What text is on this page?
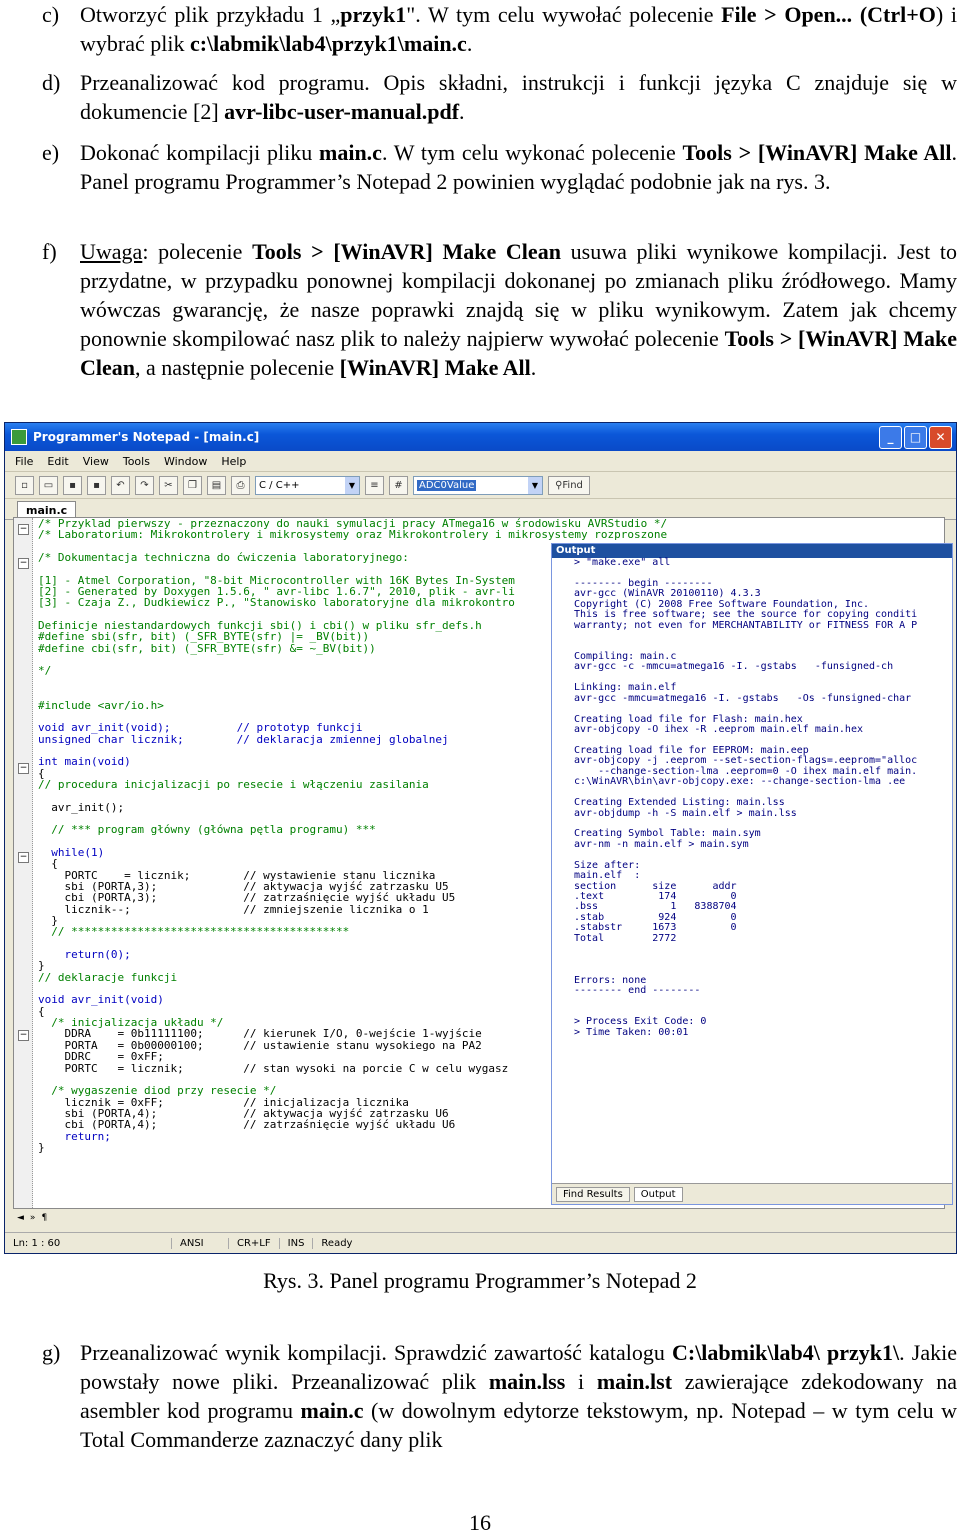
c) Otworzyć plik przykładu 1 „przyk1". W tym celu wywołać polecenie File > Open... (Ctrl+O) i wybrać plik c:\labmik\lab4\przyk1\main.c.
d) Przeanalizować kod programu. Opis składni, instrukcji i funkcji języka C znajduje się w dokumencie [2] avr-libc-user-manual.pdf.
e) Dokonać kompilacji pliku main.c. W tym celu wykonać polecenie Tools > [WinAVR] Make All. Panel programu Programmer’s Notepad 2 powinien wyglądać podobnie jak na rys. 3.
f) Uwaga: polecenie Tools > [WinAVR] Make Clean usuwa pliki wynikowe kompilacji. Jest to przydatne, w przypadku ponownej kompilacji dokonanej po zmianach pliku źródłowego. Mamy wówczas gwarancję, że nasze poprawki znajdą się w pliku wynikowym. Zatem jak chcemy ponownie skompilować nasz plik to należy najpierw wywołać polecenie Tools > [WinAVR] Make Clean, a następnie polecenie [WinAVR] Make All.
Programmer's Notepad - [main.c]	_	□	✕
File Edit View Tools Window Help
▫	▭	▪	▪	↶	↷	✂	❐	▤	⎙	C / C++	▼	≡	#	ADC0Value	▼	⚲ Find
main.c
−
−
−
−
−
/* Przyklad pierwszy - przeznaczony do nauki symulacji pracy ATmega16 w środowisku AVRStudio */
/* Laboratorium: Mikrokontrolery i mikrosystemy oraz Mikrokontrolery i mikrosystemy rozproszone
/* Dokumentacja techniczna do ćwiczenia laboratoryjnego:
[1] - Atmel Corporation, "8-bit Microcontroller with 16K Bytes In-System
[2] - Generated by Doxygen 1.5.6, " avr-libc 1.6.7", 2010, plik - avr-li
[3] - Czaja Z., Dudkiewicz P., "Stanowisko laboratoryjne dla mikrokontro
Definicje niestandardowych funkcji sbi() i cbi() w pliku sfr_defs.h
#define sbi(sfr, bit) (_SFR_BYTE(sfr) |= _BV(bit))
#define cbi(sfr, bit) (_SFR_BYTE(sfr) &= ~_BV(bit))
*/
#include <avr/io.h>
void avr_init(void);          // prototyp funkcji
unsigned char licznik;        // deklaracja zmiennej globalnej
int main(void)
{
// procedura inicjalizacji po resecie i włączeniu zasilania
avr_init();
// *** program główny (główna pętla programu) ***
while(1)
{
PORTC    = licznik;        // wystawienie stanu licznika
sbi (PORTA,3);             // aktywacja wyjść zatrzasku U5
cbi (PORTA,3);             // zatrzaśnięcie wyjść układu U5
licznik--;                 // zmniejszenie licznika o 1
}
// ******************************************
return(0);
}
// deklaracje funkcji
void avr_init(void)
{
/* inicjalizacja układu */
DDRA    = 0b11111100;      // kierunek I/O, 0-wejście 1-wyjście
PORTA   = 0b00000100;      // ustawienie stanu wysokiego na PA2
DDRC    = 0xFF;
PORTC   = licznik;         // stan wysoki na porcie C w celu wygasz
/* wygaszenie diod przy resecie */
licznik = 0xFF;            // inicjalizacja licznika
sbi (PORTA,4);             // aktywacja wyjść zatrzasku U6
cbi (PORTA,4);             // zatrzaśnięcie wyjść układu U6
return;
}
Output
> "make.exe" all
-------- begin --------
avr-gcc (WinAVR 20100110) 4.3.3
Copyright (C) 2008 Free Software Foundation, Inc.
This is free software; see the source for copying conditi
warranty; not even for MERCHANTABILITY or FITNESS FOR A P
Compiling: main.c
avr-gcc -c -mmcu=atmega16 -I. -gstabs   -funsigned-ch
Linking: main.elf
avr-gcc -mmcu=atmega16 -I. -gstabs   -Os -funsigned-char
Creating load file for Flash: main.hex
avr-objcopy -O ihex -R .eeprom main.elf main.hex
Creating load file for EEPROM: main.eep
avr-objcopy -j .eeprom --set-section-flags=.eeprom="alloc
--change-section-lma .eeprom=0 -O ihex main.elf main.
c:\WinAVR\bin\avr-objcopy.exe: --change-section-lma .ee
Creating Extended Listing: main.lss
avr-objdump -h -S main.elf > main.lss
Creating Symbol Table: main.sym
avr-nm -n main.elf > main.sym
Size after:
main.elf  :
section      size      addr
.text         174         0
.bss            1   8388704
.stab         924         0
.stabstr     1673         0
Total        2772
Errors: none
-------- end --------
> Process Exit Code: 0
> Time Taken: 00:01
Find Results	Output
◄ » ¶
Ln: 1 : 60	ANSI	CR+LF	INS	Ready
Rys. 3. Panel programu Programmer’s Notepad 2
g) Przeanalizować wynik kompilacji. Sprawdzić zawartość katalogu C:\labmik\lab4\ przyk1\. Jakie powstały nowe pliki. Przeanalizować plik main.lss i main.lst zawierające zdekodowany na asembler kod programu main.c (w dowolnym edytorze tekstowym, np. Notepad – w tym celu w Total Commanderze zaznaczyć dany plik
16
